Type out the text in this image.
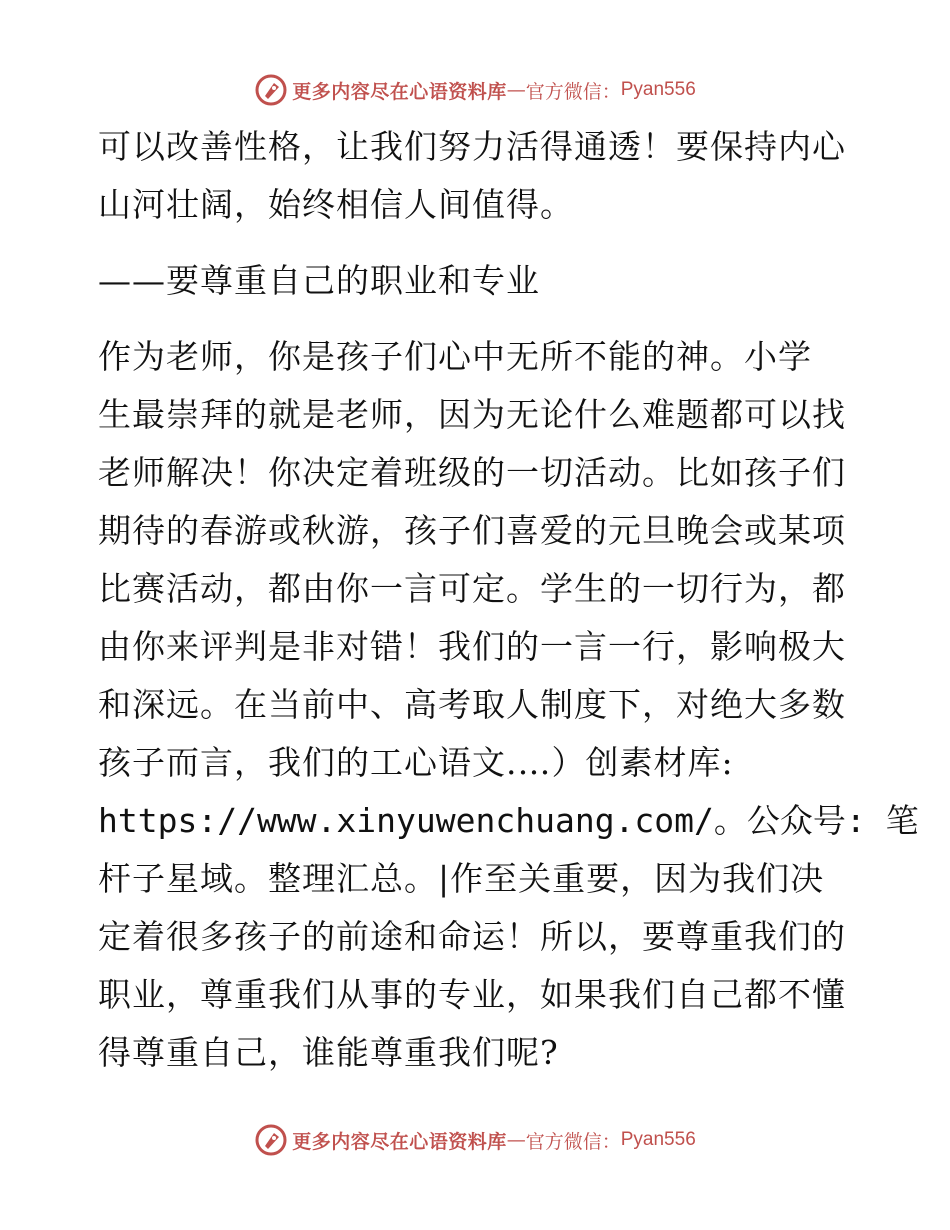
更多内容尽在心语资料库 — 官方微信： Pyan556
可以改善性格，让我们努力活得通透！要保持内心
山河壮阔，始终相信人间值得。
——要尊重自己的职业和专业
作为老师，你是孩子们心中无所不能的神。小学
生最崇拜的就是老师，因为无论什么难题都可以找
老师解决！你决定着班级的一切活动。比如孩子们
期待的春游或秋游，孩子们喜爱的元旦晚会或某项
比赛活动，都由你一言可定。学生的一切行为，都
由你来评判是非对错！我们的一言一行，影响极大
和深远。在当前中、高考取人制度下，对绝大多数
孩子而言，我们的工心语文.…）创素材库:
https://www.xinyuwenchuang.com/。公众号: 笔
杆子星域。整理汇总。|作至关重要，因为我们决
定着很多孩子的前途和命运！所以，要尊重我们的
职业，尊重我们从事的专业，如果我们自己都不懂
得尊重自己，谁能尊重我们呢?
更多内容尽在心语资料库 — 官方微信： Pyan556
